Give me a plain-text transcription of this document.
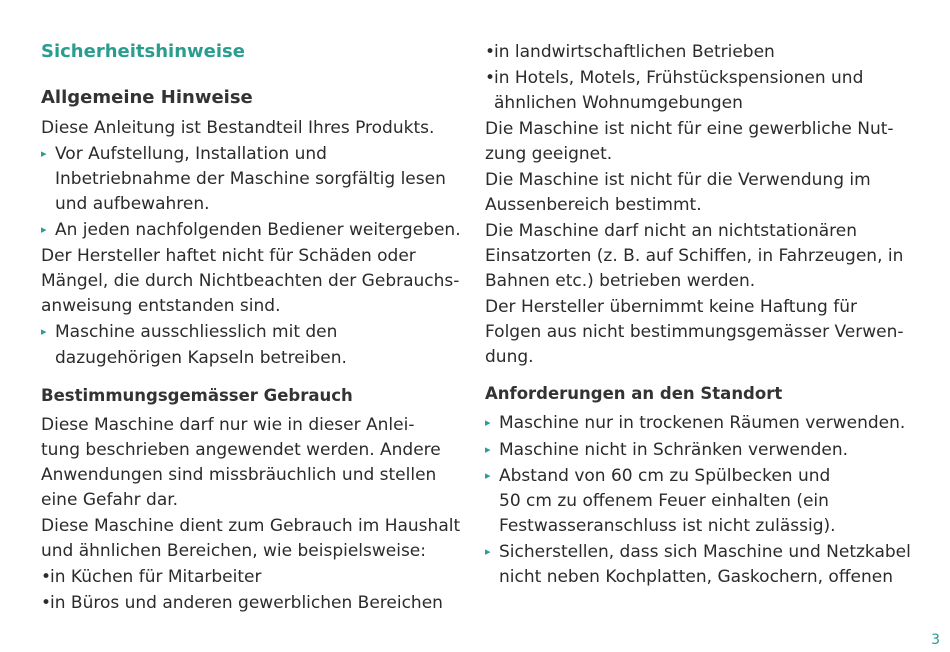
Sicherheitshinweise
Allgemeine Hinweise
Diese Anleitung ist Bestandteil Ihres Produkts.
▸ Vor Aufstellung, Installation und
Inbetriebnahme der Maschine sorgfältig lesen
und aufbewahren.
▸ An jeden nachfolgenden Bediener weitergeben.
Der Hersteller haftet nicht für Schäden oder
Mängel, die durch Nichtbeachten der Gebrauchs-
anweisung entstanden sind.
▸ Maschine ausschliesslich mit den
dazugehörigen Kapseln betreiben.
Bestimmungsgemässer Gebrauch
Diese Maschine darf nur wie in dieser Anlei-
tung beschrieben angewendet werden. Andere
Anwendungen sind missbräuchlich und stellen
eine Gefahr dar.
Diese Maschine dient zum Gebrauch im Haushalt
und ähnlichen Bereichen, wie beispielsweise:
•
in Küchen für Mitarbeiter
•
in Büros und anderen gewerblichen Bereichen
•
in landwirtschaftlichen Betrieben
•
in Hotels, Motels, Frühstückspensionen und
ähnlichen Wohnumgebungen
Die Maschine ist nicht für eine gewerbliche Nut-
zung geeignet.
Die Maschine ist nicht für die Verwendung im
Aussenbereich bestimmt.
Die Maschine darf nicht an nichtstationären
Einsatzorten (z. B. auf Schiffen, in Fahrzeugen, in
Bahnen etc.) betrieben werden.
Der Hersteller übernimmt keine Haftung für
Folgen aus nicht bestimmungsgemässer Verwen-
dung.
Anforderungen an den Standort
▸ Maschine nur in trockenen Räumen verwenden.
▸ Maschine nicht in Schränken verwenden.
▸ Abstand von 60 cm zu Spülbecken und
50 cm zu offenem Feuer einhalten (ein
Festwasseranschluss ist nicht zulässig).
▸ Sicherstellen, dass sich Maschine und Netzkabel
nicht neben Kochplatten, Gaskochern, offenen
3
